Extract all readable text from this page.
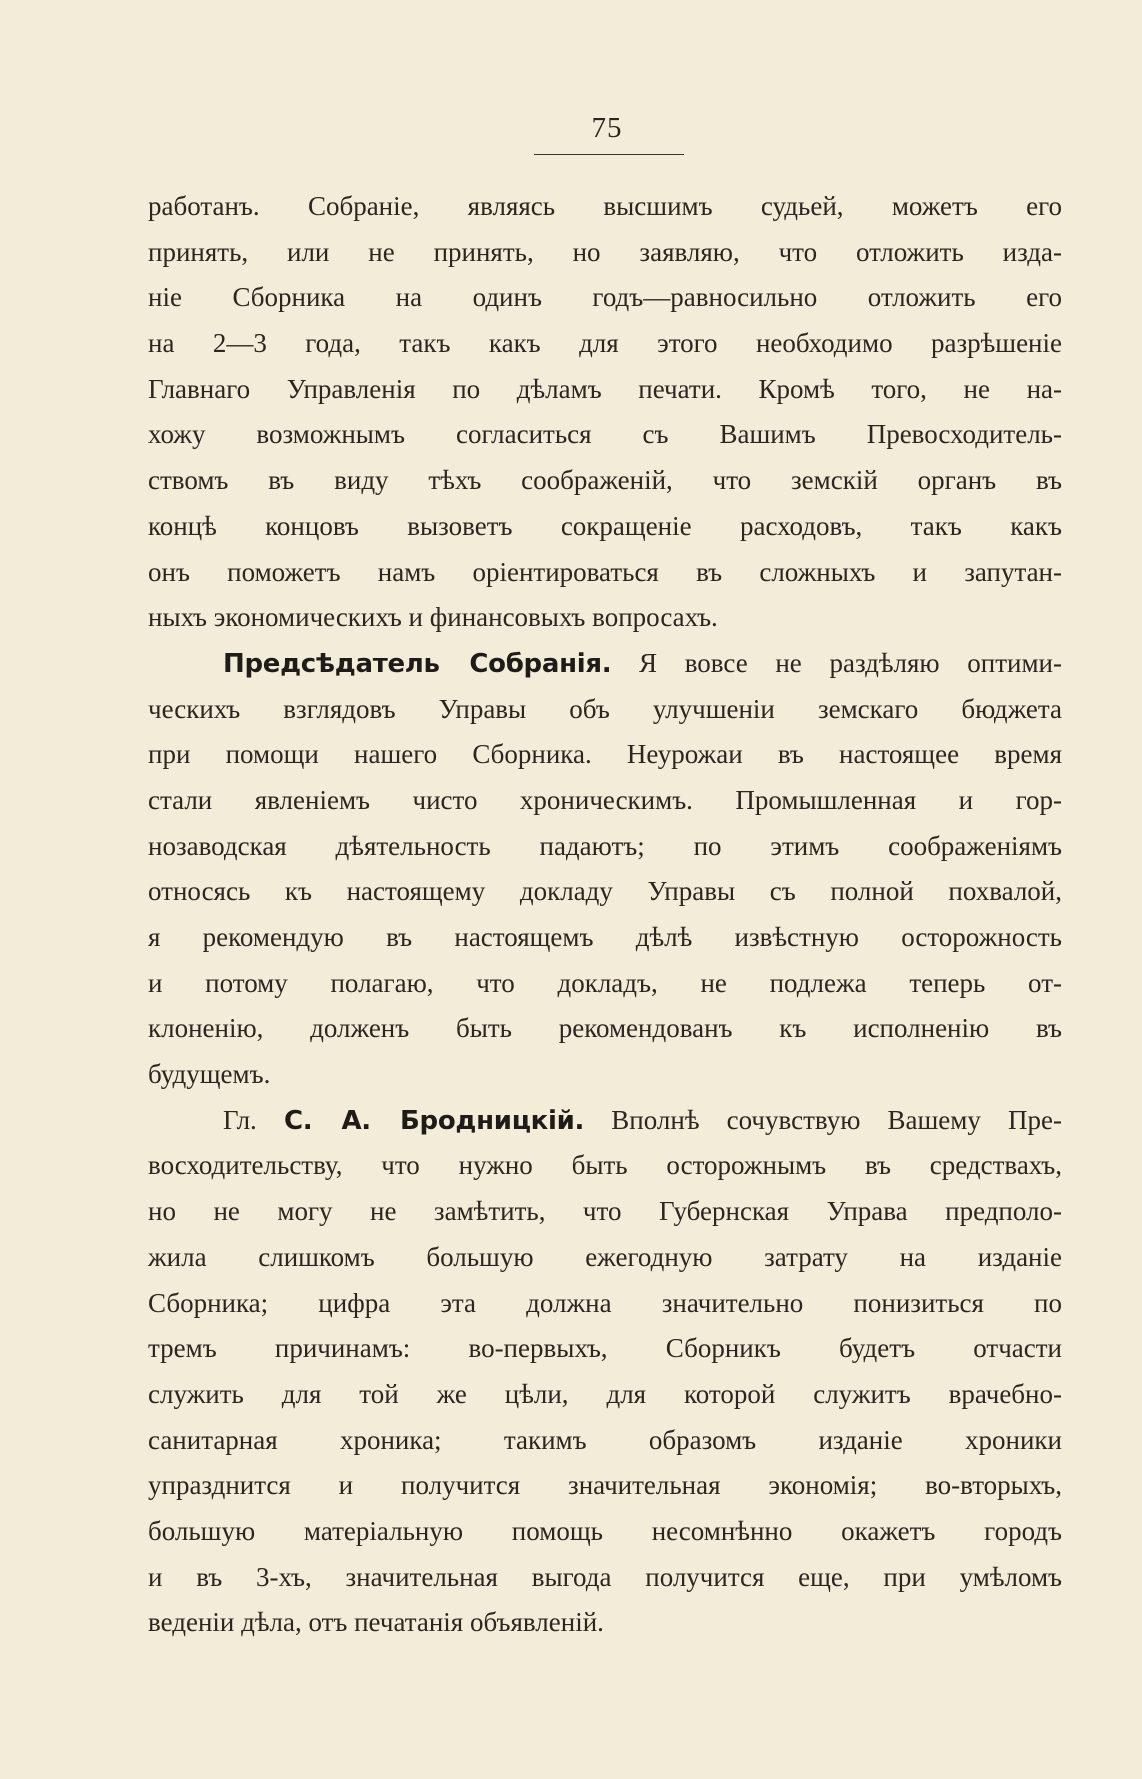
75
работанъ. Собраніе, являясь высшимъ судьей, можетъ его
принять, или не принять, но заявляю, что отложить изда-
ніе Сборника на одинъ годъ—равносильно отложить его
на 2—3 года, такъ какъ для этого необходимо разрѣшеніе
Главнаго Управленія по дѣламъ печати. Кромѣ того, не на-
хожу возможнымъ согласиться съ Вашимъ Превосходитель-
ствомъ въ виду тѣхъ соображеній, что земскій органъ въ
концѣ концовъ вызоветъ сокращеніе расходовъ, такъ какъ
онъ поможетъ намъ оріентироваться въ сложныхъ и запутан-
ныхъ экономическихъ и финансовыхъ вопросахъ.
Предсѣдатель Собранія. Я вовсе не раздѣляю оптими-
ческихъ взглядовъ Управы объ улучшеніи земскаго бюджета
при помощи нашего Сборника. Неурожаи въ настоящее время
стали явленіемъ чисто хроническимъ. Промышленная и гор-
нозаводская дѣятельность падаютъ; по этимъ соображеніямъ
относясь къ настоящему докладу Управы съ полной похвалой,
я рекомендую въ настоящемъ дѣлѣ извѣстную осторожность
и потому полагаю, что докладъ, не подлежа теперь от-
клоненію, долженъ быть рекомендованъ къ исполненію въ
будущемъ.
Гл. С. А. Бродницкій. Вполнѣ сочувствую Вашему Пре-
восходительству, что нужно быть осторожнымъ въ средствахъ,
но не могу не замѣтить, что Губернская Управа предполо-
жила слишкомъ большую ежегодную затрату на изданіе
Сборника; цифра эта должна значительно понизиться по
тремъ причинамъ: во-первыхъ, Сборникъ будетъ отчасти
служить для той же цѣли, для которой служитъ врачебно-
санитарная хроника; такимъ образомъ изданіе хроники
упразднится и получится значительная экономія; во-вторыхъ,
большую матеріальную помощь несомнѣнно окажетъ городъ
и въ 3-хъ, значительная выгода получится еще, при умѣломъ
веденіи дѣла, отъ печатанія объявленій.
